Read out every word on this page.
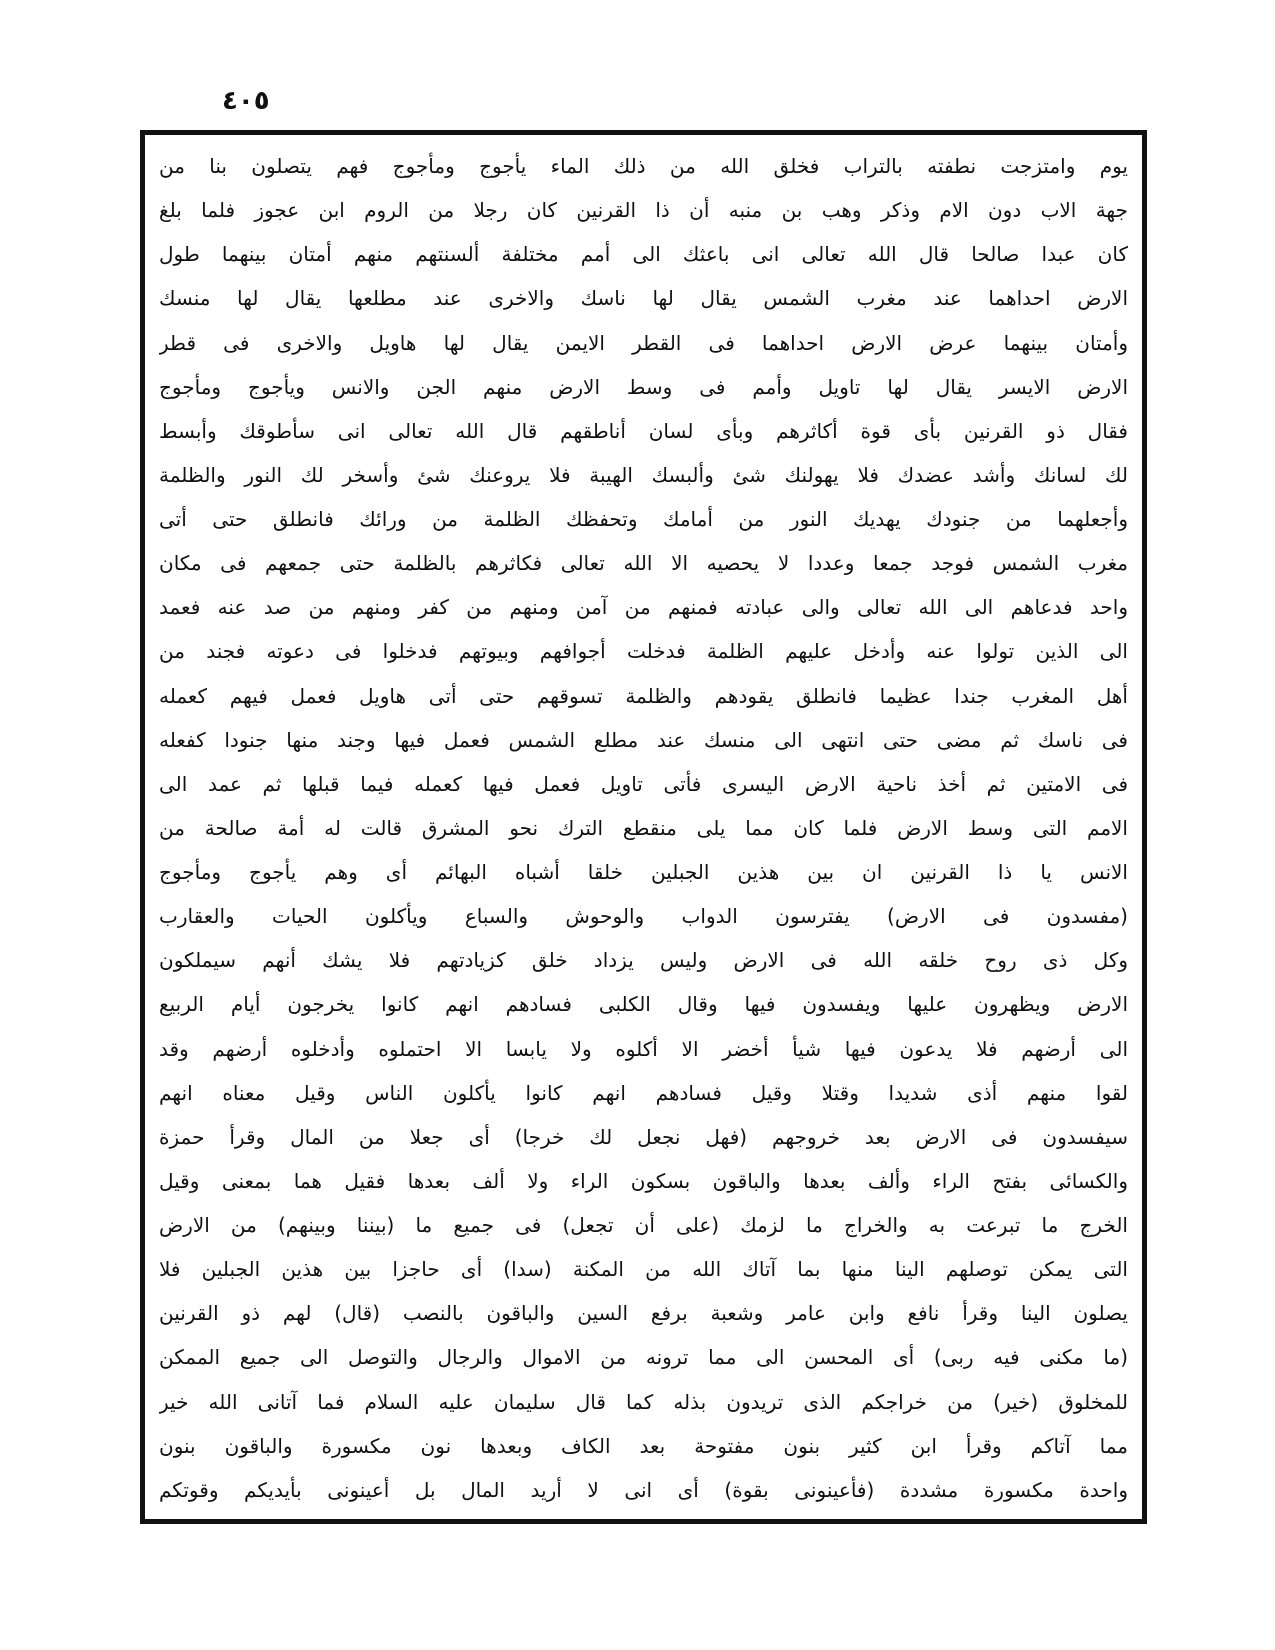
٤٠٥
يوم وامتزجت نطفته بالتراب فخلق الله من ذلك الماء يأجوج ومأجوج فهم يتصلون بنا من
جهة الاب دون الام وذكر وهب بن منبه أن ذا القرنين كان رجلا من الروم ابن عجوز فلما بلغ
كان عبدا صالحا قال الله تعالى انى باعثك الى أمم مختلفة ألسنتهم منهم أمتان بينهما طول
الارض احداهما عند مغرب الشمس يقال لها ناسك والاخرى عند مطلعها يقال لها منسك
وأمتان بينهما عرض الارض احداهما فى القطر الايمن يقال لها هاويل والاخرى فى قطر
الارض الايسر يقال لها تاويل وأمم فى وسط الارض منهم الجن والانس ويأجوج ومأجوج
فقال ذو القرنين بأى قوة أكاثرهم وبأى لسان أناطقهم قال الله تعالى انى سأطوقك وأبسط
لك لسانك وأشد عضدك فلا يهولنك شئ وألبسك الهيبة فلا يروعنك شئ وأسخر لك النور والظلمة
وأجعلهما من جنودك يهديك النور من أمامك وتحفظك الظلمة من ورائك فانطلق حتى أتى
مغرب الشمس فوجد جمعا وعددا لا يحصيه الا الله تعالى فكاثرهم بالظلمة حتى جمعهم فى مكان
واحد فدعاهم الى الله تعالى والى عبادته فمنهم من آمن ومنهم من كفر ومنهم من صد عنه فعمد
الى الذين تولوا عنه وأدخل عليهم الظلمة فدخلت أجوافهم وبيوتهم فدخلوا فى دعوته فجند من
أهل المغرب جندا عظيما فانطلق يقودهم والظلمة تسوقهم حتى أتى هاويل فعمل فيهم كعمله
فى ناسك ثم مضى حتى انتهى الى منسك عند مطلع الشمس فعمل فيها وجند منها جنودا كفعله
فى الامتين ثم أخذ ناحية الارض اليسرى فأتى تاويل فعمل فيها كعمله فيما قبلها ثم عمد الى
الامم التى وسط الارض فلما كان مما يلى منقطع الترك نحو المشرق قالت له أمة صالحة من
الانس يا ذا القرنين ان بين هذين الجبلين خلقا أشباه البهائم أى وهم يأجوج ومأجوج
(مفسدون فى الارض) يفترسون الدواب والوحوش والسباع ويأكلون الحيات والعقارب
وكل ذى روح خلقه الله فى الارض وليس يزداد خلق كزيادتهم فلا يشك أنهم سيملكون
الارض ويظهرون عليها ويفسدون فيها وقال الكلبى فسادهم انهم كانوا يخرجون أيام الربيع
الى أرضهم فلا يدعون فيها شيأ أخضر الا أكلوه ولا يابسا الا احتملوه وأدخلوه أرضهم وقد
لقوا منهم أذى شديدا وقتلا وقيل فسادهم انهم كانوا يأكلون الناس وقيل معناه انهم
سيفسدون فى الارض بعد خروجهم (فهل نجعل لك خرجا) أى جعلا من المال وقرأ حمزة
والكسائى بفتح الراء وألف بعدها والباقون بسكون الراء ولا ألف بعدها فقيل هما بمعنى وقيل
الخرج ما تبرعت به والخراج ما لزمك (على أن تجعل) فى جميع ما (بيننا وبينهم) من الارض
التى يمكن توصلهم الينا منها بما آتاك الله من المكنة (سدا) أى حاجزا بين هذين الجبلين فلا
يصلون الينا وقرأ نافع وابن عامر وشعبة برفع السين والباقون بالنصب (قال) لهم ذو القرنين
(ما مكنى فيه ربى) أى المحسن الى مما ترونه من الاموال والرجال والتوصل الى جميع الممكن
للمخلوق (خير) من خراجكم الذى تريدون بذله كما قال سليمان عليه السلام فما آتانى الله خير
مما آتاكم وقرأ ابن كثير بنون مفتوحة بعد الكاف وبعدها نون مكسورة والباقون بنون
واحدة مكسورة مشددة (فأعينونى بقوة) أى انى لا أريد المال بل أعينونى بأيديكم وقوتكم
